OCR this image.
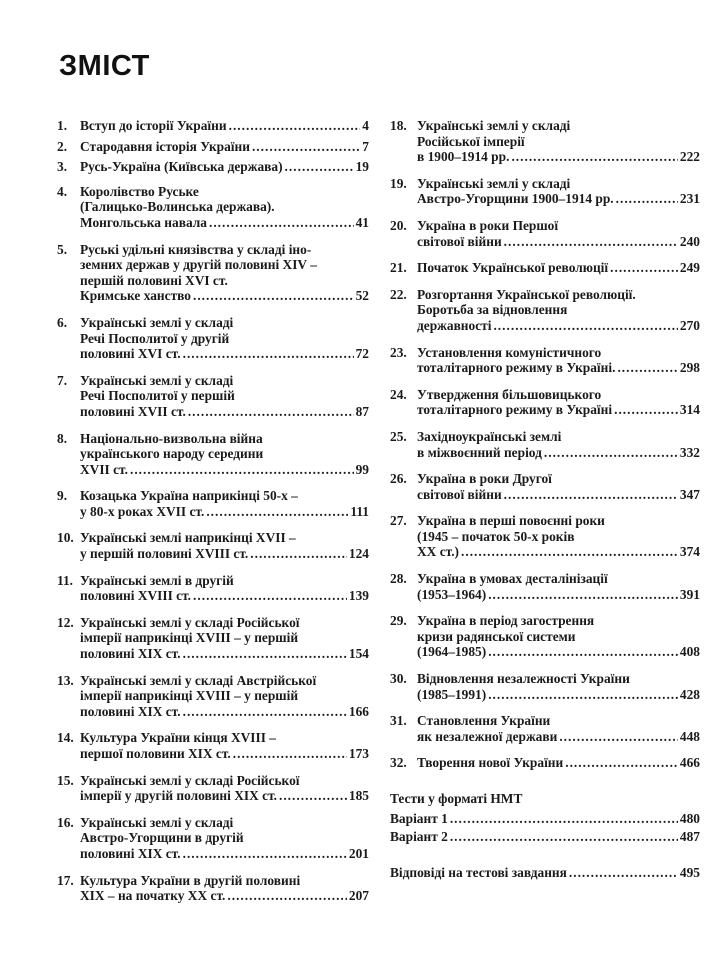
ЗМІСТ
1. Вступ до історії України .....	4
2. Стародавня історія України .....	7
3. Русь-Україна (Київська держава) .....	19
4. Королівство Руське
(Галицько-Волинська держава).
Монгольська навала .....	41
5. Руські удільні князівства у складі іно-
земних держав у другій половині XIV –
першій половині XVI ст.
Кримське ханство .....	52
6. Українські землі у складі
Речі Посполитої у другій
половині XVI ст. .....	72
7. Українські землі у складі
Речі Посполитої у першій
половині XVII ст. .....	87
8. Національно-визвольна війна
українського народу середини
XVII ст. .....	99
9. Козацька Україна наприкінці 50-х –
у 80-х роках XVII ст. .....	111
10. Українські землі наприкінці XVII –
у першій половині XVIII ст. .....	124
11. Українські землі в другій
половині XVIII ст. .....	139
12. Українські землі у складі Російської
імперії наприкінці XVIII – у першій
половині XIX ст. .....	154
13. Українські землі у складі Австрійської
імперії наприкінці XVIII – у першій
половині XIX ст. .....	166
14. Культура України кінця XVIII –
першої половини XIX ст. .....	173
15. Українські землі у складі Російської
імперії у другій половині XIX ст. .....	185
16. Українські землі у складі
Австро-Угорщини в другій
половині XIX ст. .....	201
17. Культура України в другій половині
XIX – на початку XX ст. .....	207
18. Українські землі у складі
Російської імперії
в 1900–1914 рр. .....	222
19. Українські землі у складі
Австро-Угорщини 1900–1914 рр. .....	231
20. Україна в роки Першої
світової війни .....	240
21. Початок Української революції .....	249
22. Розгортання Української революції.
Боротьба за відновлення
державності .....	270
23. Установлення комуністичного
тоталітарного режиму в Україні. .....	298
24. Утвердження більшовицького
тоталітарного режиму в Україні .....	314
25. Західноукраїнські землі
в міжвоєнний період .....	332
26. Україна в роки Другої
світової війни .....	347
27. Україна в перші повоєнні роки
(1945 – початок 50-х років
XX ст.) .....	374
28. Україна в умовах десталінізації
(1953–1964) .....	391
29. Україна в період загострення
кризи радянської системи
(1964–1985) .....	408
30. Відновлення незалежності України
(1985–1991) .....	428
31. Становлення України
як незалежної держави .....	448
32. Творення нової України .....	466
Тести у форматі НМТ
Варіант 1 .....	480
Варіант 2 .....	487
Відповіді на тестові завдання .....	495
